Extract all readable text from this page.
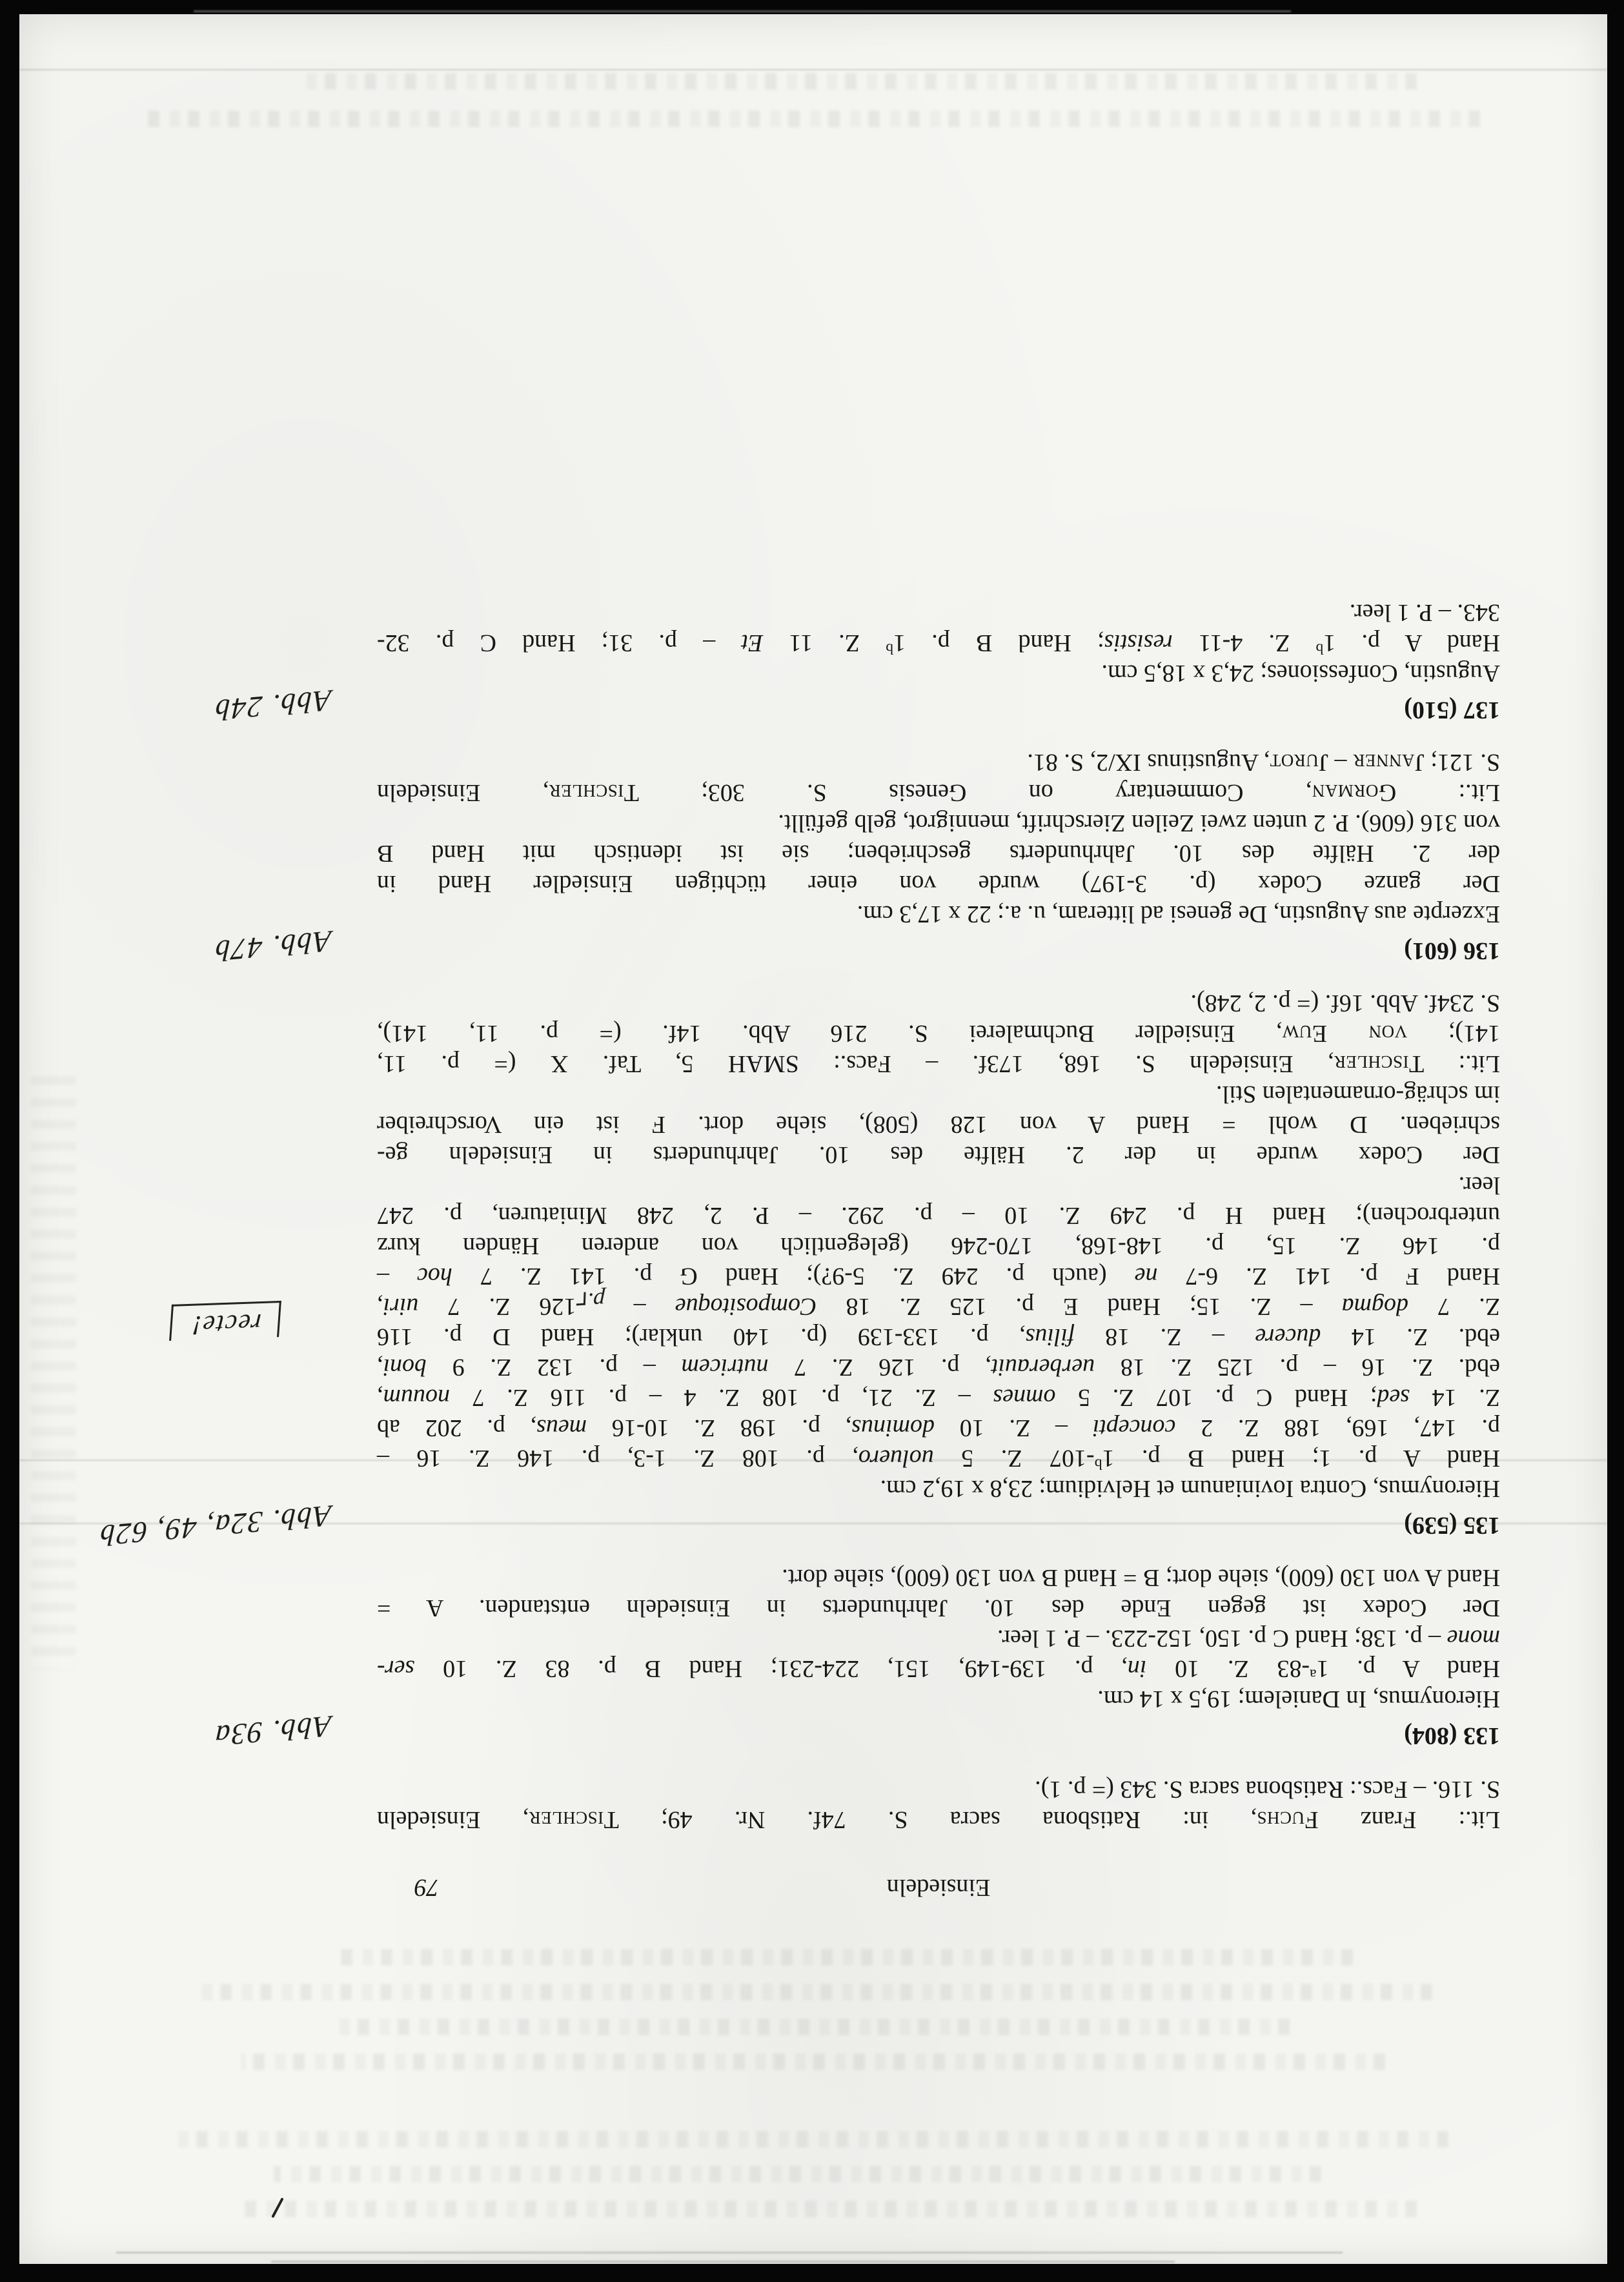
Einsiedeln
79
Lit.: Franz Fuchs, in: Ratisbona sacra S. 74f. Nr. 49; Tischler, Einsiedeln
S. 116. – Facs.: Ratisbona sacra S. 343 (= p. 1).
Abb. 93a	133 (804)
Hieronymus, In Danielem; 19,5 x 14 cm.
Hand A p. 1$^a$-83 Z. 10 in, p. 139-149, 151, 224-231; Hand B p. 83 Z. 10 ser-
mone – p. 138; Hand C p. 150, 152-223. – P. 1 leer.
Der Codex ist gegen Ende des 10. Jahrhunderts in Einsiedeln entstanden. A =
Hand A von 130 (600), siehe dort; B = Hand B von 130 (600), siehe dort.
Abb. 32a, 49, 62b
recte!
135 (539)
Hieronymus, Contra Iovinianum et Helvidium; 23,8 x 19,2 cm.
Hand A p. 1; Hand B p. 1$^b$-107 Z. 5 uoluero, p. 108 Z. 1-3, p. 146 Z. 16 –
p. 147, 169, 188 Z. 2 concepti – Z. 10 dominus, p. 198 Z. 10-16 meus, p. 202 ab
Z. 14 sed; Hand C p. 107 Z. 5 omnes – Z. 21, p. 108 Z. 4 – p. 116 Z. 7 nouum,
ebd. Z. 16 – p. 125 Z. 18 uerberauit, p. 126 Z. 7 nutricem – p. 132 Z. 9 boni,
ebd. Z. 14 ducere – Z. 18 filius, p. 133-139 (p. 140 unklar); Hand D p. 116
Z. 7 dogma – Z. 15; Hand E p. 125 Z. 18 Compositoque – p.126 Z. 7 uiri,
Hand F p. 141 Z. 6-7 ne (auch p. 249 Z. 5-9?); Hand G p. 141 Z. 7 hoc –
p. 146 Z. 15, p. 148-168, 170-246 (gelegentlich von anderen Händen kurz
unterbrochen); Hand H p. 249 Z. 10 – p. 292. – P. 2, 248 Miniaturen, p. 247
leer.
Der Codex wurde in der 2. Hälfte des 10. Jahrhunderts in Einsiedeln ge-
schrieben. D wohl = Hand A von 128 (508), siehe dort. F ist ein Vorschreiber
im schräg-ornamentalen Stil.
Lit.: Tischler, Einsiedeln S. 168, 173f. – Facs.: SMAH 5, Taf. X (= p. 11,
141); von Euw, Einsiedler Buchmalerei S. 216 Abb. 14f. (= p. 11, 141),
S. 234f. Abb. 16f. (= p. 2, 248).
Abb. 47b	136 (601)
Exzerpte aus Augustin, De genesi ad litteram, u. a.; 22 x 17,3 cm.
Der ganze Codex (p. 3-197) wurde von einer tüchtigen Einsiedler Hand in
der 2. Hälfte des 10. Jahrhunderts geschrieben; sie ist identisch mit Hand B
von 316 (606). P. 2 unten zwei Zeilen Zierschrift, mennigrot, gelb gefüllt.
Lit.: Gorman, Commentary on Genesis S. 303; Tischler, Einsiedeln
S. 121; Janner – Jurot, Augustinus IX/2, S. 81.
Abb. 24b	137 (510)
Augustin, Confessiones; 24,3 x 18,5 cm.
Hand A p. 1$^b$ Z. 4-11 resistis; Hand B p. 1$^b$ Z. 11 Et – p. 31; Hand C p. 32-
343. – P. 1 leer.
